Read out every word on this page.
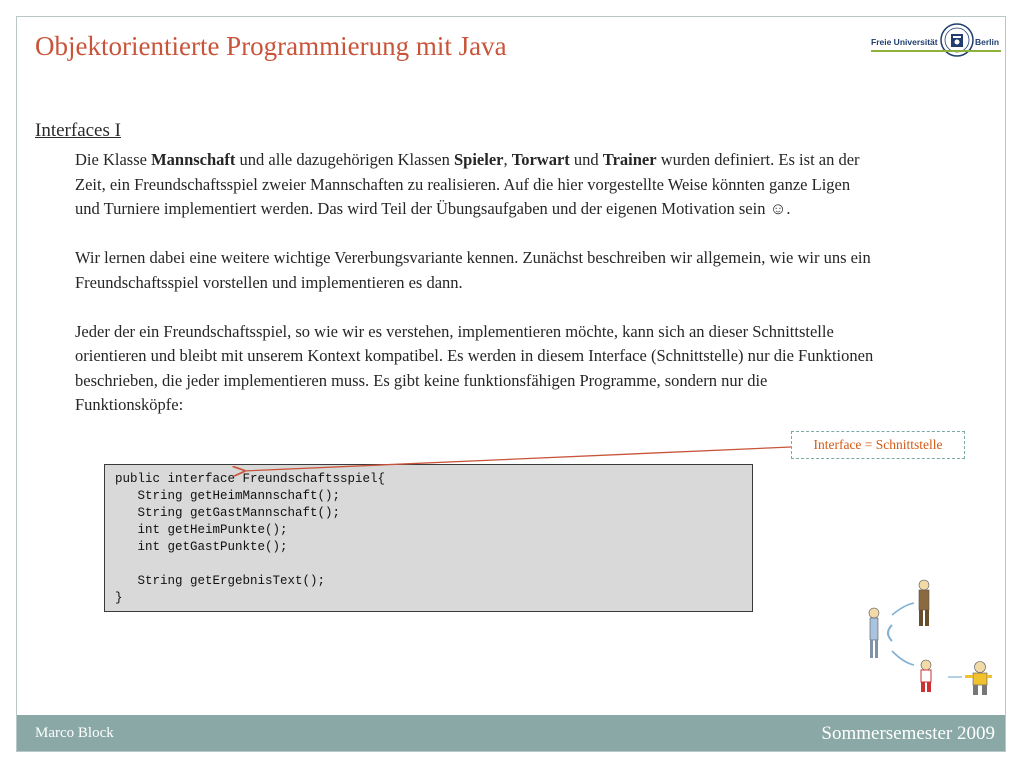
Objektorientierte Programmierung mit Java	Freie Universität	Berlin
Interfaces I

Die Klasse Mannschaft und alle dazugehörigen Klassen Spieler, Torwart und Trainer wurden definiert. Es ist an der Zeit, ein Freundschaftsspiel zweier Mannschaften zu realisieren. Auf die hier vorgestellte Weise könnten ganze Ligen und Turniere implementiert werden. Das wird Teil der Übungsaufgaben und der eigenen Motivation sein ☺.

Wir lernen dabei eine weitere wichtige Vererbungsvariante kennen. Zunächst beschreiben wir allgemein, wie wir uns ein Freundschaftsspiel vorstellen und implementieren es dann.

Jeder der ein Freundschaftsspiel, so wie wir es verstehen, implementieren möchte, kann sich an dieser Schnittstelle orientieren und bleibt mit unserem Kontext kompatibel. Es werden in diesem Interface (Schnittstelle) nur die Funktionen beschrieben, die jeder implementieren muss. Es gibt keine funktionsfähigen Programme, sondern nur die Funktionsköpfe:

Interface = Schnittstelle
public interface Freundschaftsspiel{
String getHeimMannschaft();
String getGastMannschaft();
int getHeimPunkte();
int getGastPunkte();

String getErgebnisText();
}
Marco Block	Sommersemester 2009
